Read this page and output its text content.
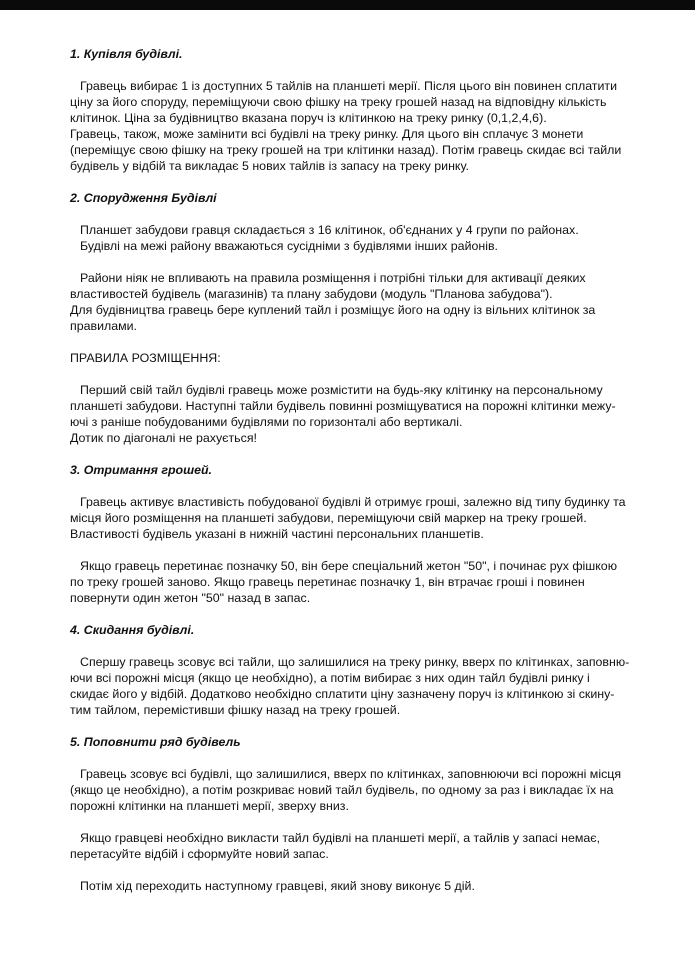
1. Купівля будівлі.
Гравець вибирає 1 із доступних 5 тайлів на планшеті мерії. Після цього він повинен сплатити
ціну за його споруду, переміщуючи свою фішку на треку грошей назад на відповідну кількість
клітинок. Ціна за будівництво вказана поруч із клітинкою на треку ринку (0,1,2,4,6).
Гравець, також, може замінити всі будівлі на треку ринку. Для цього він сплачує 3 монети
(переміщує свою фішку на треку грошей на три клітинки назад). Потім гравець скидає всі тайли
будівель у відбій та викладає 5 нових тайлів із запасу на треку ринку.
2. Спорудження Будівлі
Планшет забудови гравця складається з 16 клітинок, об'єднаних у 4 групи по районах.
Будівлі на межі району вважаються сусідніми з будівлями інших районів.
Райони ніяк не впливають на правила розміщення і потрібні тільки для активації деяких
властивостей будівель (магазинів) та плану забудови (модуль "Планова забудова").
Для будівництва гравець бере куплений тайл і розміщує його на одну із вільних клітинок за
правилами.
ПРАВИЛА РОЗМІЩЕННЯ:
Перший свій тайл будівлі гравець може розмістити на будь-яку клітинку на персональному
планшеті забудови. Наступні тайли будівель повинні розміщуватися на порожні клітинки межу-
ючі з раніше побудованими будівлями по горизонталі або вертикалі.
Дотик по діагоналі не рахується!
3. Отримання грошей.
Гравець активує властивість побудованої будівлі й отримує гроші, залежно від типу будинку та
місця його розміщення на планшеті забудови, переміщуючи свій маркер на треку грошей.
Властивості будівель указані в нижній частині персональних планшетів.
Якщо гравець перетинає позначку 50, він бере спеціальний жетон "50", і починає рух фішкою
по треку грошей заново. Якщо гравець перетинає позначку 1, він втрачає гроші і повинен
повернути один жетон "50" назад в запас.
4. Скидання будівлі.
Спершу гравець зсовує всі тайли, що залишилися на треку ринку, вверх по клітинках, заповню-
ючи всі порожні місця (якщо це необхідно), а потім вибирає з них один тайл будівлі ринку і
скидає його у відбій. Додатково необхідно сплатити ціну зазначену поруч із клітинкою зі скину-
тим тайлом, перемістивши фішку назад на треку грошей.
5. Поповнити ряд будівель
Гравець зсовує всі будівлі, що залишилися, вверх по клітинках, заповнюючи всі порожні місця
(якщо це необхідно), а потім розкриває новий тайл будівель, по одному за раз і викладає їх на
порожні клітинки на планшеті мерії, зверху вниз.
Якщо гравцеві необхідно викласти тайл будівлі на планшеті мерії, а тайлів у запасі немає,
перетасуйте відбій і сформуйте новий запас.
Потім хід переходить наступному гравцеві, який знову виконує 5 дій.
